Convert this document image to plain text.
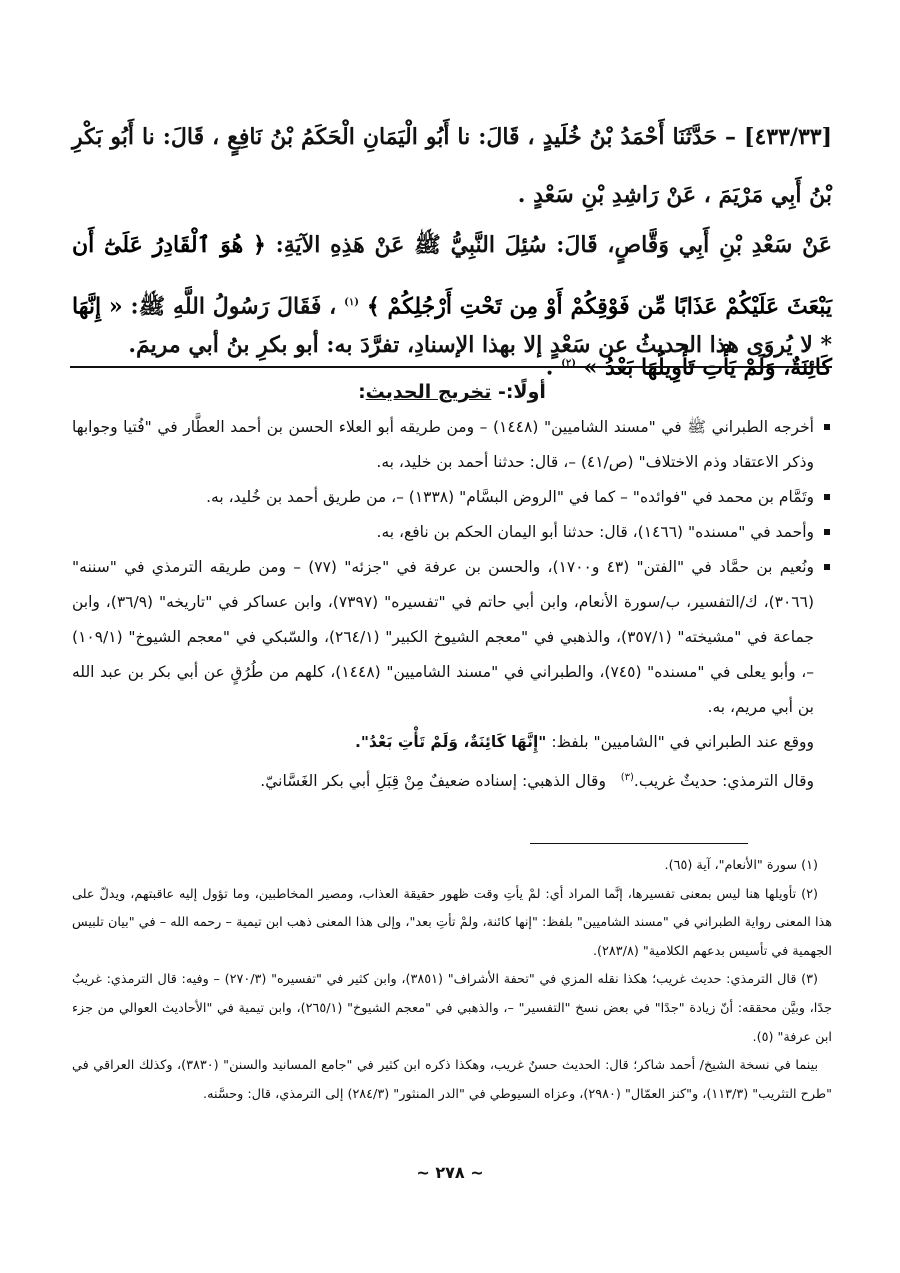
[٤٣٣/٣٣] – حَدَّثَنَا أَحْمَدُ بْنُ خُلَيدٍ ، قَالَ: نا أَبُو الْيَمَانِ الْحَكَمُ بْنُ نَافِعٍ ، قَالَ: نا أَبُو بَكْرِ بْنُ أَبِي مَرْيَمَ ، عَنْ رَاشِدِ بْنِ سَعْدٍ .
عَنْ سَعْدِ بْنِ أَبِي وَقَّاصٍ، قَالَ: سُئِلَ النَّبِيُّ ﷺ عَنْ هَذِهِ الآيَةِ: ﴿ هُوَ ٱلْقَادِرُ عَلَىٰٓ أَن يَبْعَثَ عَلَيْكُمْ عَذَابًا مِّن فَوْقِكُمْ أَوْ مِن تَحْتِ أَرْجُلِكُمْ ﴾ $^{(١)}$ ، فَقَالَ رَسُولُ اللَّهِ ﷺ: « إِنَّهَا كَائِنَةٌ، وَلَمْ يَأْتِ تَأْوِيلُهَا بَعْدُ » $^{(٢)}$ .
* لا يُروَى هذا الحديثُ عن سَعْدٍ إلا بهذا الإسنادِ، تفرَّدَ به: أبو بكرِ بنُ أبي مريمَ.
أولًا:- تخريج الحديث:

أخرجه الطبراني ﷺ في "مسند الشاميين" (١٤٤٨) – ومن طريقه أبو العلاء الحسن بن أحمد العطَّار في "فُتيا وجوابها وذكر الاعتقاد وذم الاختلاف" (ص/٤١) –، قال: حدثنا أحمد بن خليد، به.

وتَمَّام بن محمد في "فوائده" – كما في "الروض البسَّام" (١٣٣٨) –، من طريق أحمد بن خُليد، به.

وأحمد في "مسنده" (١٤٦٦)، قال: حدثنا أبو اليمان الحكم بن نافع، به.

ونُعيم بن حمَّاد في "الفتن" (٤٣ و١٧٠٠)، والحسن بن عرفة في "جزئه" (٧٧) – ومن طريقه الترمذي في "سننه" (٣٠٦٦)، ك/التفسير، ب/سورة الأنعام، وابن أبي حاتم في "تفسيره" (٧٣٩٧)، وابن عساكر في "تاريخه" (٣٦/٩)، وابن جماعة في "مشيخته" (٣٥٧/١)، والذهبي في "معجم الشيوخ الكبير" (٢٦٤/١)، والسّبكي في "معجم الشيوخ" (١٠٩/١) –، وأبو يعلى في "مسنده" (٧٤٥)، والطبراني في "مسند الشاميين" (١٤٤٨)، كلهم من طُرُقٍ عن أبي بكر بن عبد الله بن أبي مريم، به.

ووقع عند الطبراني في "الشاميين" بلفظ: "إِنَّهَا كَائِنَةٌ، وَلَمْ تَأْتِ بَعْدُ".

وقال الترمذي: حديثٌ غريب.$^{(٣)}$   وقال الذهبي: إسناده ضعيفٌ مِنْ قِبَلِ أبي بكر الغَسَّانيّ.

(١) سورة "الأنعام"، آية (٦٥).

(٢) تأويلها هنا ليس بمعنى تفسيرها، إنَّما المراد أي: لمْ يأتِ وقت ظهور حقيقة العذاب، ومصير المخاطبين، وما تؤول إليه عاقبتهم، ويدلّ على هذا المعنى رواية الطبراني في "مسند الشاميين" بلفظ: "إنها كائنة، ولمْ تأتِ بعد"، وإلى هذا المعنى ذهب ابن تيمية – رحمه الله – في "بيان تلبيس الجهمية في تأسيس بدعهم الكلامية" (٢٨٣/٨).

(٣) قال الترمذي: حديث غريب؛ هكذا نقله المزي في "تحفة الأشراف" (٣٨٥١)، وابن كثير في "تفسيره" (٢٧٠/٣) – وفيه: قال الترمذي: غريبٌ جدًا، وبيَّن محققه: أنّ زيادة "جدًا" في بعض نسخ "التفسير" –، والذهبي في "معجم الشيوخ" (٢٦٥/١)، وابن تيمية في "الأحاديث العوالي من جزء ابن عرفة" (٥).

بينما في نسخة الشيخ/ أحمد شاكر؛ قال: الحديث حسنٌ غريب، وهكذا ذكره ابن كثير في "جامع المسانيد والسنن" (٣٨٣٠)، وكذلك العراقي في "طرح التثريب" (١١٣/٣)، و"كنز العمّال" (٢٩٨٠)، وعزاه السيوطي في "الدر المنثور" (٢٨٤/٣) إلى الترمذي، قال: وحسَّنه.

~ ٢٧٨ ~
